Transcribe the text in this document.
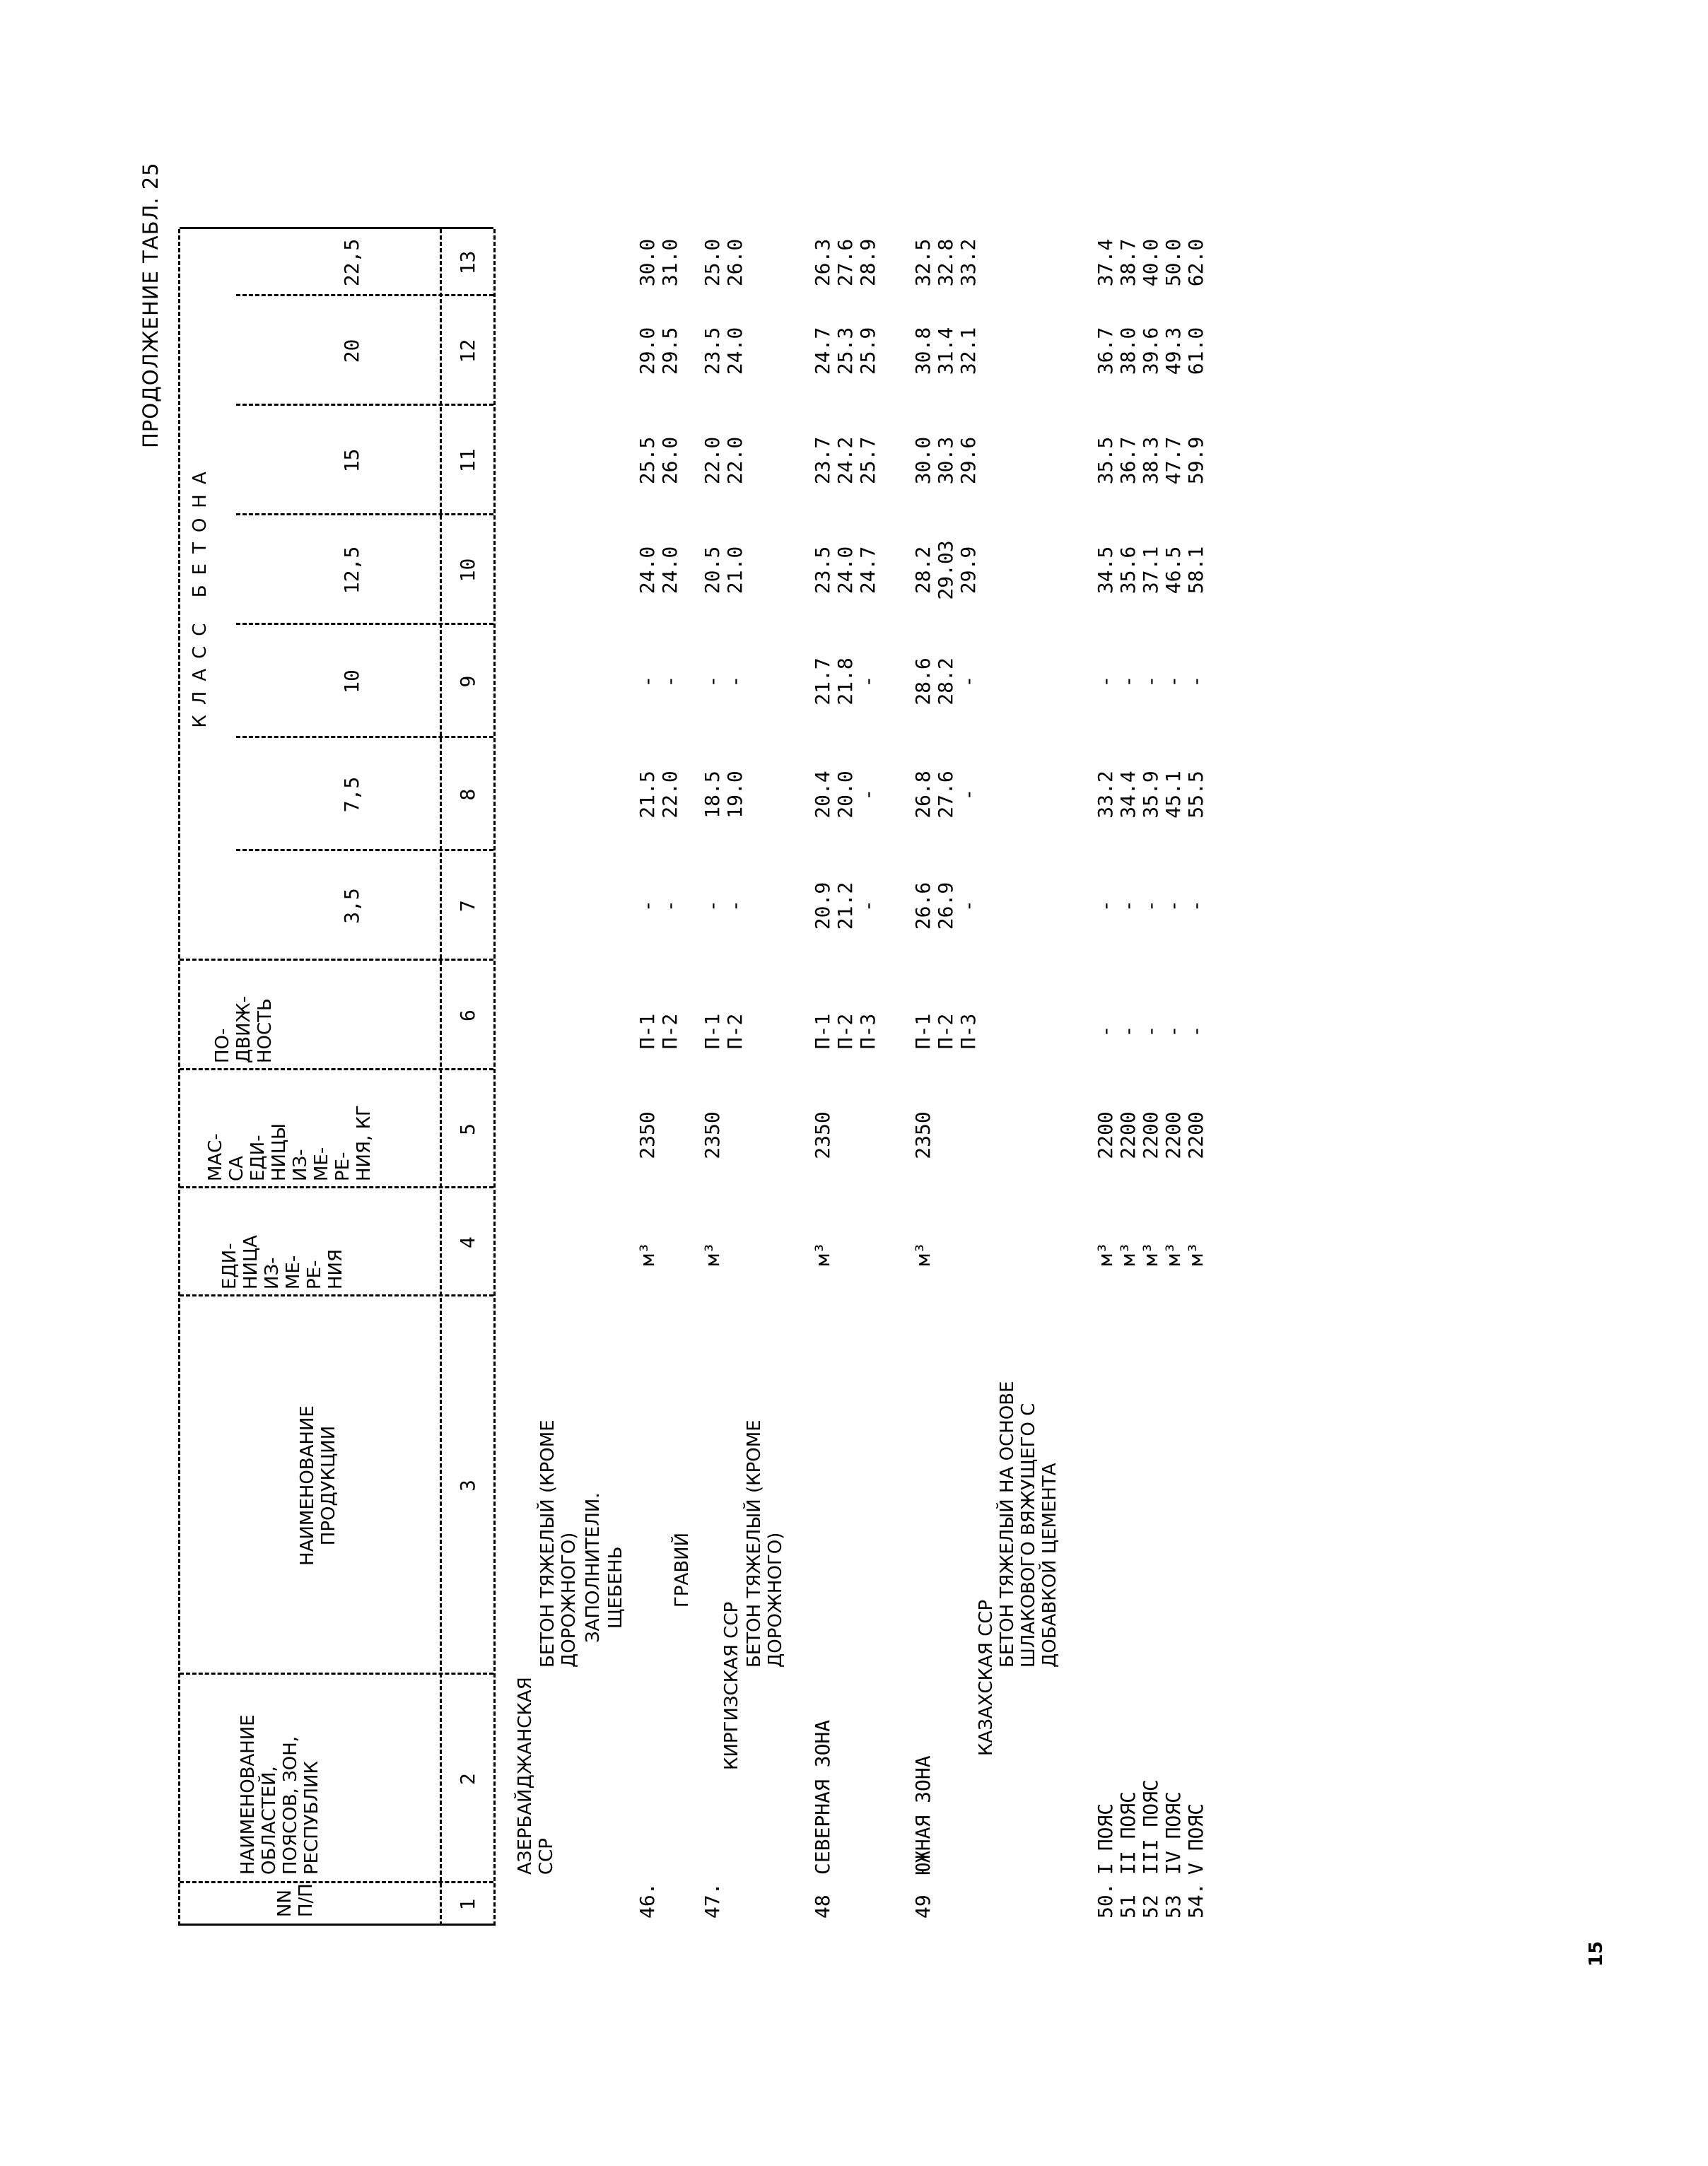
ПРОДОЛЖЕНИЕ ТАБЛ. 25
15
NN П/П
НАИМЕНОВАНИЕ ОБЛАСТЕЙ, ПОЯСОВ, ЗОН, РЕСПУБЛИК
НАИМЕНОВАНИЕ ПРОДУКЦИИ
ЕДИ- НИЦА ИЗ- МЕ- РЕ- НИЯ
МАС- СА ЕДИ- НИЦЫ ИЗ- МЕ- РЕ- НИЯ, КГ
ПО- ДВИЖ- НОСТЬ
КЛАСС БЕТОНА
3,5
7,5
10
12,5
15
20
22,5
1
2
3
4
5
6
7
8
9
10
11
12
13
АЗЕРБАЙДЖАНСКАЯ ССР
БЕТОН ТЯЖЕЛЫЙ (КРОМЕ ДОРОЖНОГО) ЗАПОЛНИТЕЛИ. ЩЕБЕНЬ ГРАВИЙ
КИРГИЗСКАЯ ССР
БЕТОН ТЯЖЕЛЫЙ (КРОМЕ ДОРОЖНОГО)	КАЗАХСКАЯ ССР
БЕТОН ТЯЖЕЛЫЙ НА ОСНОВЕ ШЛАКОВОГО ВЯЖУЩЕГО С ДОБАВКОЙ ЦЕМЕНТА
46.
м³
2350
П-1
-
21.5
-
24.0
25.5
29.0
30.0
П-2
-
22.0
-
24.0
26.0
29.5
31.0
47.
м³
2350
П-1
-
18.5
-
20.5
22.0
23.5
25.0
П-2
-
19.0
-
21.0
22.0
24.0
26.0
48
СЕВЕРНАЯ ЗОНА
м³
2350
П-1
20.9
20.4
21.7
23.5
23.7
24.7
26.3
П-2
21.2
20.0
21.8
24.0
24.2
25.3
27.6
П-3
-
-
-
24.7
25.7
25.9
28.9
49
ЮЖНАЯ ЗОНА
м³
2350
П-1
26.6
26.8
28.6
28.2
30.0
30.8
32.5
П-2
26.9
27.6
28.2
29.03
30.3
31.4
32.8
П-3
-
-
-
29.9
29.6
32.1
33.2
50.
I ПОЯС
м³
2200
-
-
33.2
-
34.5
35.5
36.7
37.4
51
II ПОЯС
м³
2200
-
-
34.4
-
35.6
36.7
38.0
38.7
52
III ПОЯС
м³
2200
-
-
35.9
-
37.1
38.3
39.6
40.0
53
IV ПОЯС
м³
2200
-
-
45.1
-
46.5
47.7
49.3
50.0
54.
V ПОЯС
м³
2200
-
-
55.5
-
58.1
59.9
61.0
62.0
